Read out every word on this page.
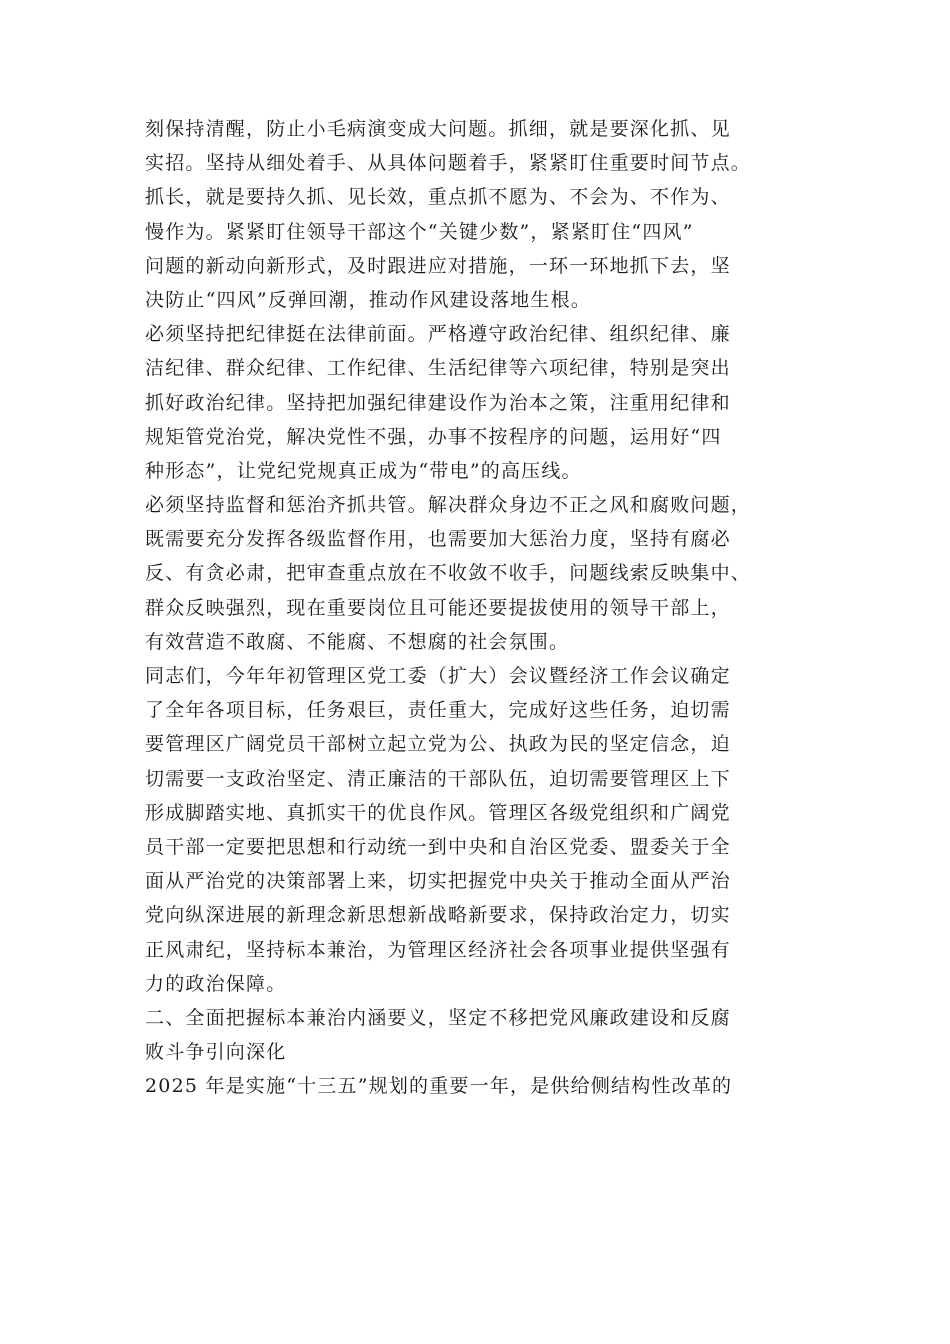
刻保持清醒，防止小毛病演变成大问题。抓细，就是要深化抓、见
实招。坚持从细处着手、从具体问题着手，紧紧盯住重要时间节点。
抓长，就是要持久抓、见长效，重点抓不愿为、不会为、不作为、
慢作为。紧紧盯住领导干部这个“关键少数”，紧紧盯住“四风”
问题的新动向新形式，及时跟进应对措施，一环一环地抓下去，坚
决防止“四风”反弹回潮，推动作风建设落地生根。
必须坚持把纪律挺在法律前面。严格遵守政治纪律、组织纪律、廉
洁纪律、群众纪律、工作纪律、生活纪律等六项纪律，特别是突出
抓好政治纪律。坚持把加强纪律建设作为治本之策，注重用纪律和
规矩管党治党，解决党性不强，办事不按程序的问题，运用好“四
种形态”，让党纪党规真正成为“带电”的高压线。
必须坚持监督和惩治齐抓共管。解决群众身边不正之风和腐败问题，
既需要充分发挥各级监督作用，也需要加大惩治力度，坚持有腐必
反、有贪必肃，把审查重点放在不收敛不收手，问题线索反映集中、
群众反映强烈，现在重要岗位且可能还要提拔使用的领导干部上，
有效营造不敢腐、不能腐、不想腐的社会氛围。
同志们，今年年初管理区党工委（扩大）会议暨经济工作会议确定
了全年各项目标，任务艰巨，责任重大，完成好这些任务，迫切需
要管理区广阔党员干部树立起立党为公、执政为民的坚定信念，迫
切需要一支政治坚定、清正廉洁的干部队伍，迫切需要管理区上下
形成脚踏实地、真抓实干的优良作风。管理区各级党组织和广阔党
员干部一定要把思想和行动统一到中央和自治区党委、盟委关于全
面从严治党的决策部署上来，切实把握党中央关于推动全面从严治
党向纵深进展的新理念新思想新战略新要求，保持政治定力，切实
正风肃纪，坚持标本兼治，为管理区经济社会各项事业提供坚强有
力的政治保障。
二、全面把握标本兼治内涵要义，坚定不移把党风廉政建设和反腐
败斗争引向深化
2025 年是实施“十三五”规划的重要一年，是供给侧结构性改革的
